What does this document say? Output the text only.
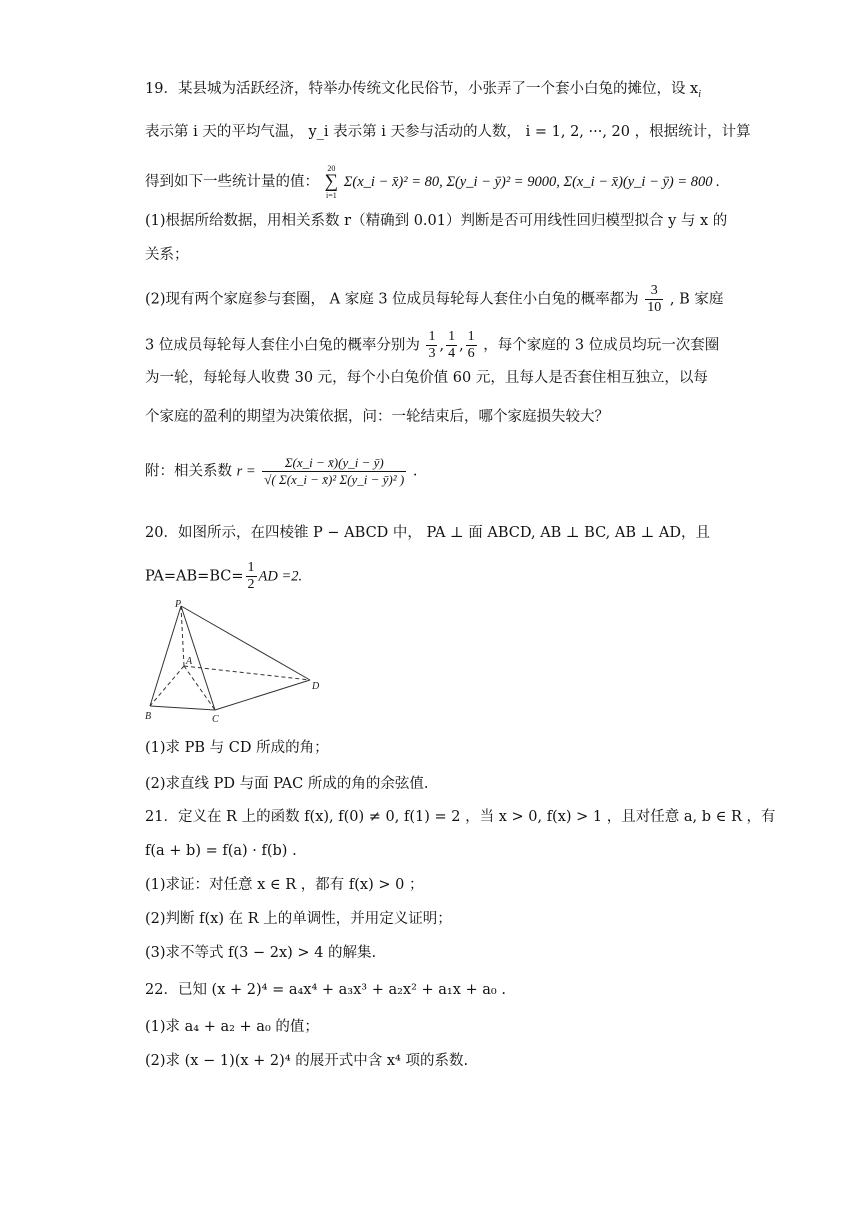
19．某县城为活跃经济，特举办传统文化民俗节，小张弄了一个套小白兔的摊位，设 $x_i$
表示第 i 天的平均气温， y_i 表示第 i 天参与活动的人数， i = 1, 2, ···, 20 ，根据统计，计算
得到如下一些统计量的值：
20
∑
i=1
Σ(x_i − x̄)² = 80, Σ(y_i − ȳ)² = 9000, Σ(x_i − x̄)(y_i − ȳ) = 800 .
(1)根据所给数据，用相关系数 r（精确到 0.01）判断是否可用线性回归模型拟合 y 与 x 的
关系；
(2)现有两个家庭参与套圈， A 家庭 3 位成员每轮每人套住小白兔的概率都为 $\frac{3}{10}$ , B 家庭
3 位成员每轮每人套住小白兔的概率分别为 $\frac{1}{3}$ , $\frac{1}{4}$ , $\frac{1}{6}$ ，每个家庭的 3 位成员均玩一次套圈
为一轮，每轮每人收费 30 元，每个小白兔价值 60 元，且每人是否套住相互独立，以每
个家庭的盈利的期望为决策依据，问：一轮结束后，哪个家庭损失较大？
附：相关系数 $r = \frac{\Sigma(x\_i - x̄)(y\_i - ȳ)}{\text{√( Σ(x\_i − x̄)² Σ(y\_i − ȳ)² )}}$ .
20．如图所示，在四棱锥 P − ABCD 中， PA ⊥ 面 ABCD, AB ⊥ BC, AB ⊥ AD，且
$PA=AB=BC= \frac{1}{2}$ AD =2.
P
A
B	C
D
(1)求 PB 与 CD 所成的角；
(2)求直线 PD 与面 PAC 所成的角的余弦值.
21．定义在 R 上的函数 f(x), f(0) ≠ 0, f(1) = 2 ，当 x > 0, f(x) > 1 ，且对任意 a, b ∈ R ，有
f(a + b) = f(a) · f(b) .
(1)求证：对任意 x ∈ R ，都有 f(x) > 0 ；
(2)判断 f(x) 在 R 上的单调性，并用定义证明；
(3)求不等式 f(3 − 2x) > 4 的解集.
22．已知 (x + 2)⁴ = a₄x⁴ + a₃x³ + a₂x² + a₁x + a₀ .
(1)求 a₄ + a₂ + a₀ 的值；
(2)求 (x − 1)(x + 2)⁴ 的展开式中含 x⁴ 项的系数.
